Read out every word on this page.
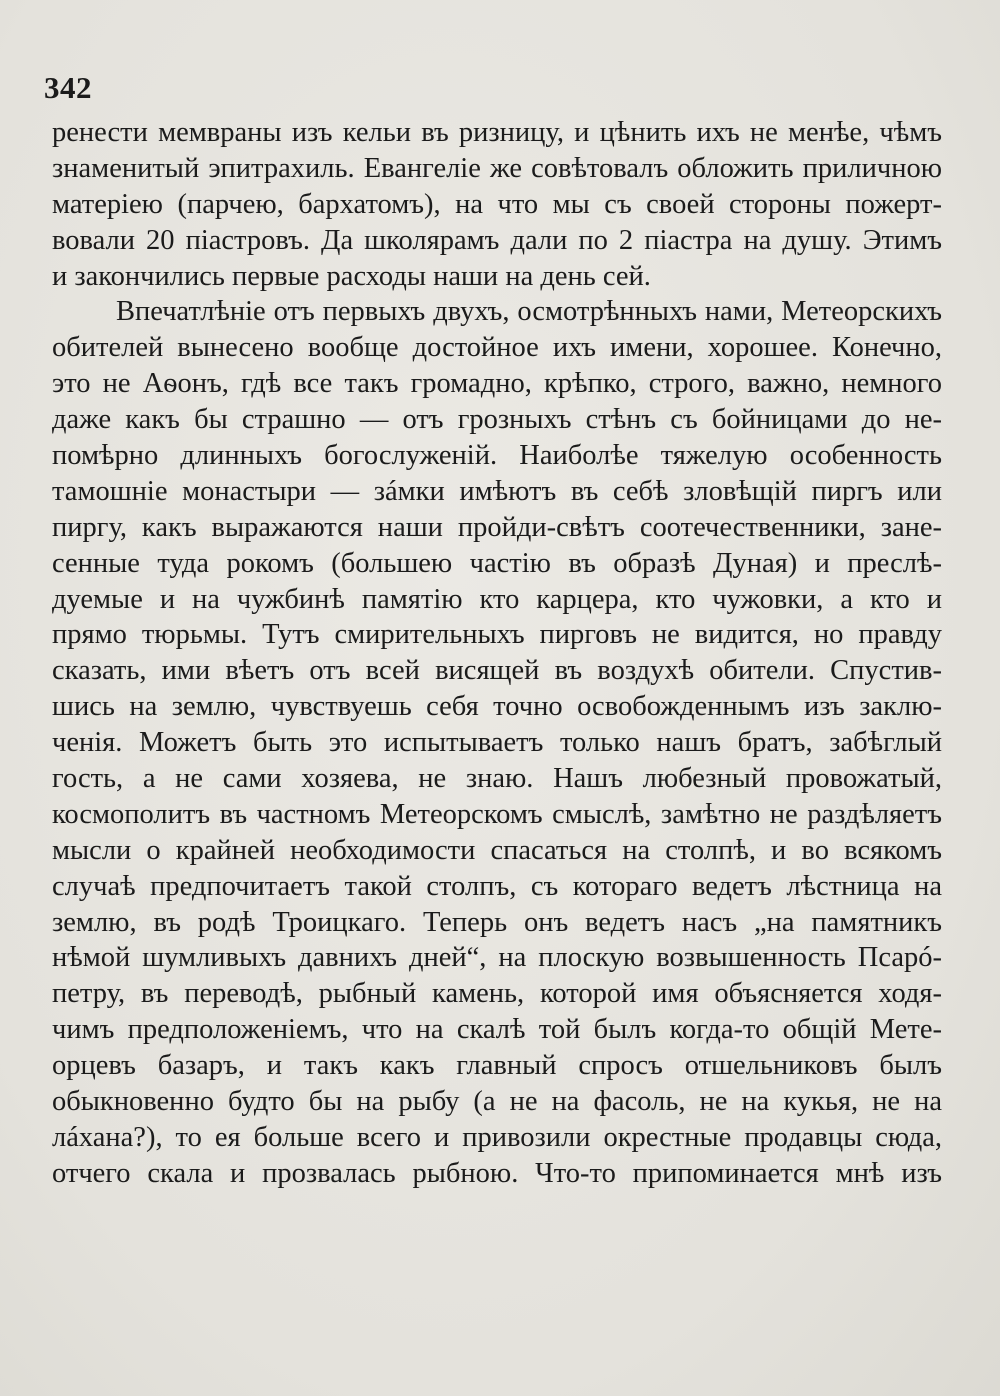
342
ренести мемвраны изъ кельи въ ризницу, и цѣнить ихъ не менѣе, чѣмъ
знаменитый эпитрахиль. Евангеліе же совѣтовалъ обложить приличною
матеріею (парчею, бархатомъ), на что мы съ своей стороны пожерт-
вовали 20 піастровъ. Да школярамъ дали по 2 піастра на душу. Этимъ
и закончились первые расходы наши на день сей.
Впечатлѣніе отъ первыхъ двухъ, осмотрѣнныхъ нами, Метеорскихъ
обителей вынесено вообще достойное ихъ имени, хорошее. Конечно,
это не Аѳонъ, гдѣ все такъ громадно, крѣпко, строго, важно, немного
даже какъ бы страшно — отъ грозныхъ стѣнъ съ бойницами до не-
помѣрно длинныхъ богослуженій. Наиболѣе тяжелую особенность
тамошніе монастыри — зáмки имѣютъ въ себѣ зловѣщій пиргъ или
пиргу, какъ выражаются наши пройди-свѣтъ соотечественники, зане-
сенные туда рокомъ (большею частію въ образѣ Дуная) и преслѣ-
дуемые и на чужбинѣ памятію кто карцера, кто чужовки, а кто и
прямо тюрьмы. Тутъ смирительныхъ пирговъ не видится, но правду
сказать, ими вѣетъ отъ всей висящей въ воздухѣ обители. Спустив-
шись на землю, чувствуешь себя точно освобожденнымъ изъ заклю-
ченія. Можетъ быть это испытываетъ только нашъ братъ, забѣглый
гость, а не сами хозяева, не знаю. Нашъ любезный провожатый,
космополитъ въ частномъ Метеорскомъ смыслѣ, замѣтно не раздѣляетъ
мысли о крайней необходимости спасаться на столпѣ, и во всякомъ
случаѣ предпочитаетъ такой столпъ, съ котораго ведетъ лѣстница на
землю, въ родѣ Троицкаго. Теперь онъ ведетъ насъ „на памятникъ
нѣмой шумливыхъ давнихъ дней“, на плоскую возвышенность Псарó-
петру, въ переводѣ, рыбный камень, которой имя объясняется ходя-
чимъ предположеніемъ, что на скалѣ той былъ когда-то общій Мете-
орцевъ базаръ, и такъ какъ главный спросъ отшельниковъ былъ
обыкновенно будто бы на рыбу (а не на фасоль, не на кукья, не на
лáхана?), то ея больше всего и привозили окрестные продавцы сюда,
отчего скала и прозвалась рыбною. Что-то припоминается мнѣ изъ
